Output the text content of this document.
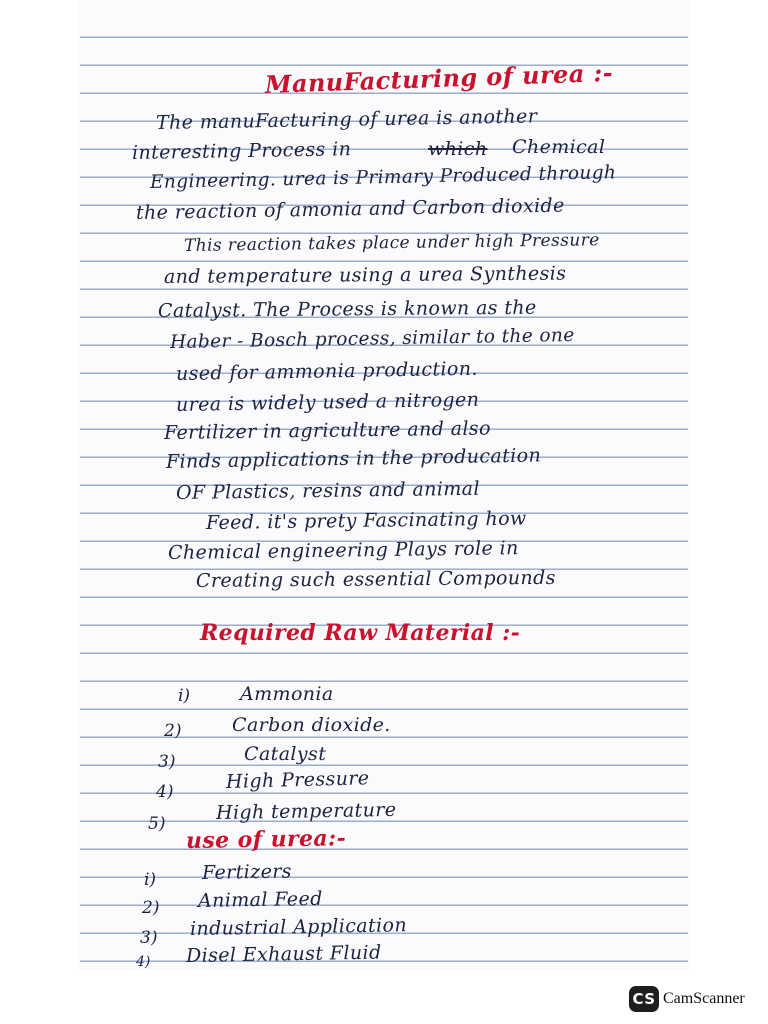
ManuFacturing of urea :-
The manuFacturing of urea is another
interesting Process in	which Chemical
Engineering. urea is Primary Produced through
the reaction of amonia and Carbon dioxide
This reaction takes place under high Pressure
and temperature using a urea Synthesis
Catalyst. The Process is known as the
Haber - Bosch process, similar to the one
used for ammonia production.
urea is widely used a nitrogen
Fertilizer in agriculture and also
Finds applications in the producation
OF Plastics, resins and animal
Feed. it's prety Fascinating how
Chemical engineering Plays role in
Creating such essential Compounds
Required Raw Material :-
i)	Ammonia
2)	Carbon dioxide.
3)	Catalyst
4)	High Pressure
5)
High temperature
use of urea:-
i) Fertizers
2) Animal Feed
3) industrial Application
4) Disel Exhaust Fluid
CS CamScanner
